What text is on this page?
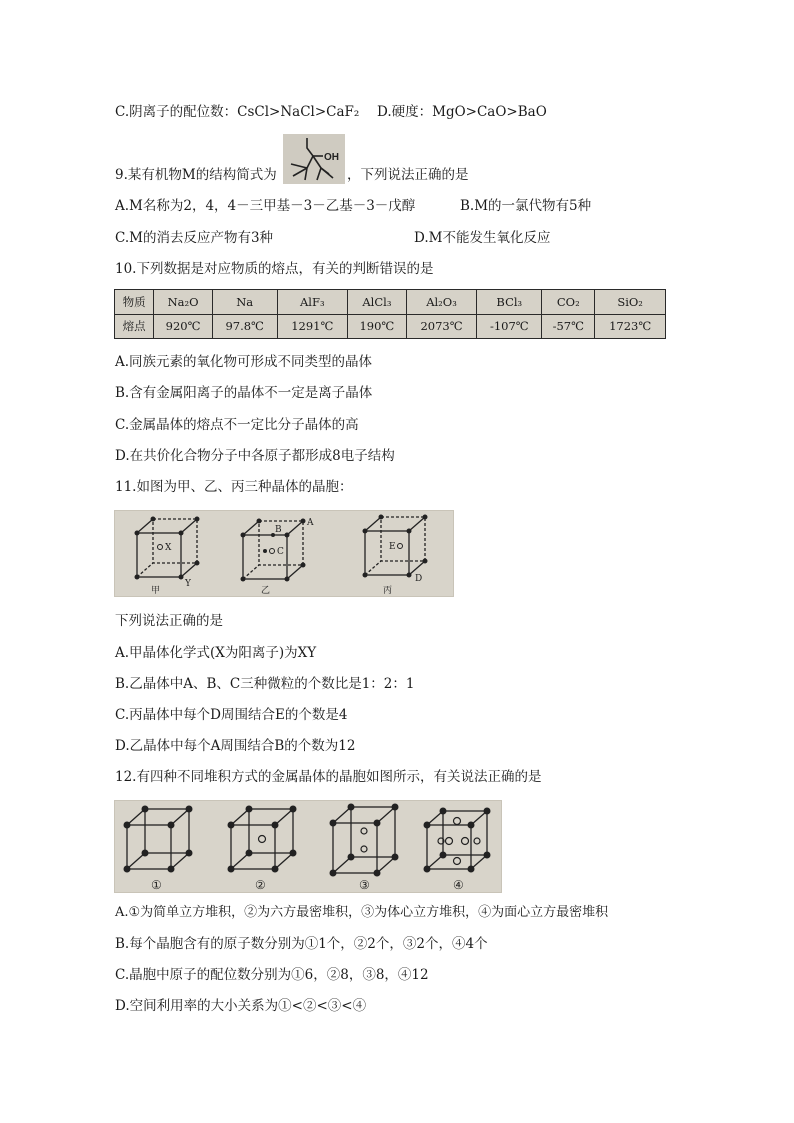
C.阴离子的配位数：CsCl>NaCl>CaF₂ D.硬度：MgO>CaO>BaO
9.某有机物M的结构简式为
OH
，下列说法正确的是
A.M名称为2，4，4－三甲基－3－乙基－3－戊醇	B.M的一氯代物有5种
C.M的消去反应产物有3种	D.M不能发生氧化反应
10.下列数据是对应物质的熔点，有关的判断错误的是
物质	Na₂O	Na	AlF₃	AlCl₃	Al₂O₃	BCl₃	CO₂	SiO₂
熔点	920℃	97.8℃	1291℃	190℃	2073℃	-107℃	-57℃	1723℃
A.同族元素的氧化物可形成不同类型的晶体
B.含有金属阳离子的晶体不一定是离子晶体
C.金属晶体的熔点不一定比分子晶体的高
D.在共价化合物分子中各原子都形成8电子结构
11.如图为甲、乙、丙三种晶体的晶胞：
X
Y
A
B
C	E
D
甲	乙	丙
下列说法正确的是
A.甲晶体化学式(X为阳离子)为XY
B.乙晶体中A、B、C三种微粒的个数比是1：2：1
C.丙晶体中每个D周围结合E的个数是4
D.乙晶体中每个A周围结合B的个数为12
12.有四种不同堆积方式的金属晶体的晶胞如图所示，有关说法正确的是
①	②	③	④
A.①为简单立方堆积，②为六方最密堆积，③为体心立方堆积，④为面心立方最密堆积
B.每个晶胞含有的原子数分别为①1个，②2个，③2个，④4个
C.晶胞中原子的配位数分别为①6，②8，③8，④12
D.空间利用率的大小关系为①<②<③<④
